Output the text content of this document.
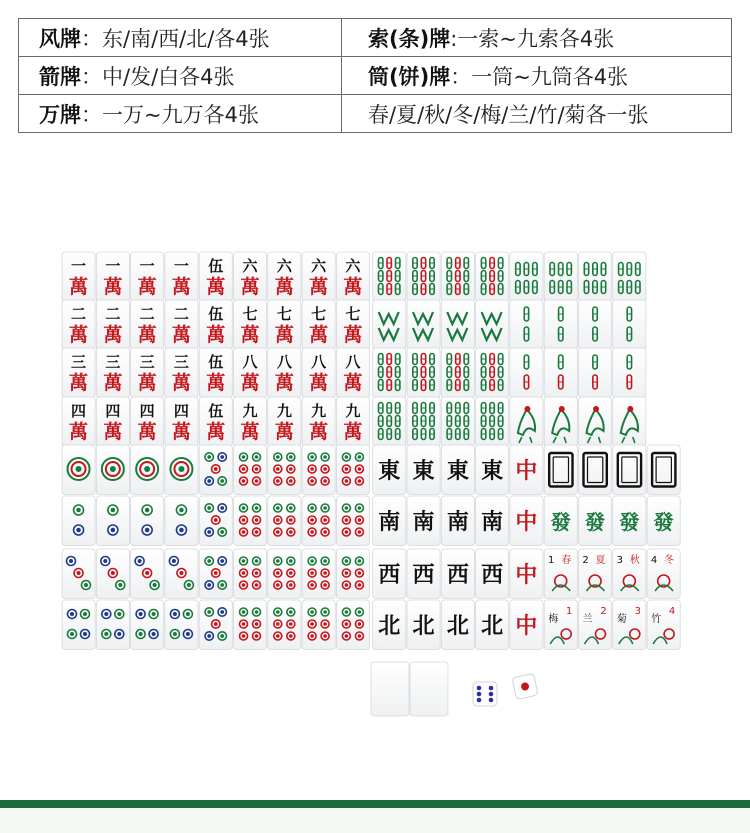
风牌：东/南/西/北/各4张	索(条)牌:一索~九索各4张
箭牌：中/发/白各4张	筒(饼)牌：一筒~九筒各4张
万牌：一万~九万各4张	春/夏/秋/冬/梅/兰/竹/菊各一张
一
萬
一
萬
一
萬
一
萬
伍
萬
六
萬
六
萬
六
萬
六
萬
二
萬
二
萬
二
萬
二
萬
伍
萬
七
萬
七
萬
七
萬
七
萬
三
萬
三
萬
三
萬
三
萬
伍
萬
八
萬
八
萬
八
萬
八
萬
四
萬
四
萬
四
萬
四
萬
伍
萬
九
萬
九
萬
九
萬
九
萬
東 東 東 東
南 南 南 南
西 西 西 西
北 北 北 北
中
中
中
中
發
1 春
梅
1
發
2 夏
兰
2
發
3 秋
菊
3
發
4 冬
竹
4
